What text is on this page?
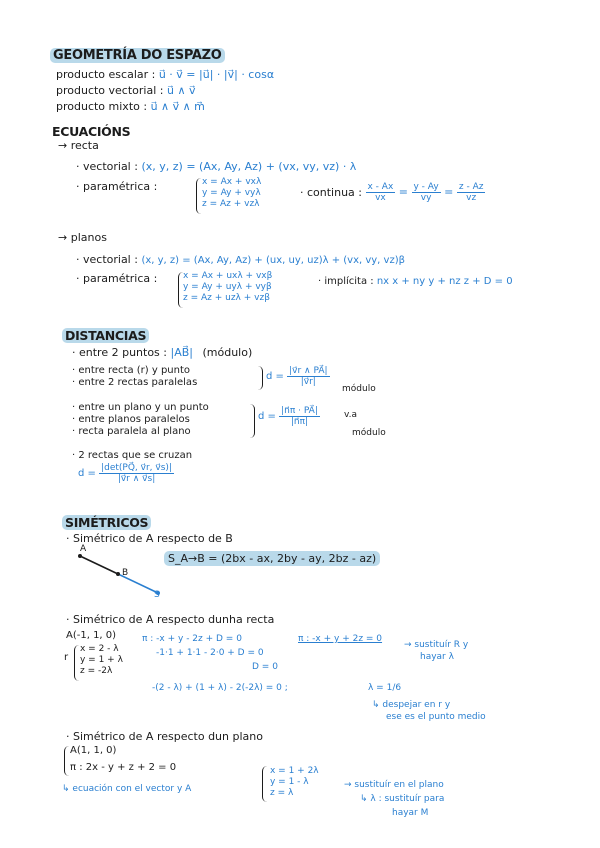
GEOMETRÍA DO ESPAZO
producto escalar : u⃗ · v⃗ = |u⃗| · |v⃗| · cosα
producto vectorial : u⃗ ∧ v⃗
producto mixto : u⃗ ∧ v⃗ ∧ m⃗
ECUACIÓNS
→ recta
· vectorial : (x, y, z) = (Ax, Ay, Az) + (vx, vy, vz) · λ
· paramétrica :	x = Ax + vxλ
y = Ay + vyλ
z = Az + vzλ
· continua : $\frac{x - Ax}{vx} = \frac{y - Ay}{vy} = \frac{z - Az}{vz}$
→ planos
· vectorial : (x, y, z) = (Ax, Ay, Az) + (ux, uy, uz)λ + (vx, vy, vz)β
· paramétrica :	x = Ax + uxλ + vxβ
y = Ay + uyλ + vyβ
z = Az + uzλ + vzβ
· implícita : nx x + ny y + nz z + D = 0
DISTANCIAS
· entre 2 puntos : |AB⃗| (módulo)
· entre recta (r) y punto
· entre 2 rectas paralelas
$d = \frac{|v⃗r \wedge PA⃗|}{|v⃗r|}$
módulo
· entre un plano y un punto
· entre planos paralelos
· recta paralela al plano
$d = \frac{|n⃗\pi \cdot PA⃗|}{|n⃗\pi|}$	v.a
módulo
· 2 rectas que se cruzan
$d = \frac{|\det(PQ⃗, v⃗r, v⃗s)|}{|v⃗r \wedge v⃗s|}$
SIMÉTRICOS
· Simétrico de A respecto de B
A
B
S
S_A→B = (2bx - ax, 2by - ay, 2bz - az)
· Simétrico de A respecto dunha recta
A(-1, 1, 0)
r
x = 2 - λ
y = 1 + λ
z = -2λ
π : -x + y - 2z + D = 0
-1·1 + 1·1 - 2·0 + D = 0
D = 0
π : -x + y + 2z = 0
→ sustituír R y
hayar λ
-(2 - λ) + (1 + λ) - 2(-2λ) = 0 ;	λ = 1/6
↳ despejar en r y
ese es el punto medio
· Simétrico de A respecto dun plano
A(1, 1, 0)
π : 2x - y + z + 2 = 0
↳ ecuación con el vector y A
x = 1 + 2λ
y = 1 - λ
z = λ
→ sustituír en el plano
↳ λ : sustituír para
hayar M
